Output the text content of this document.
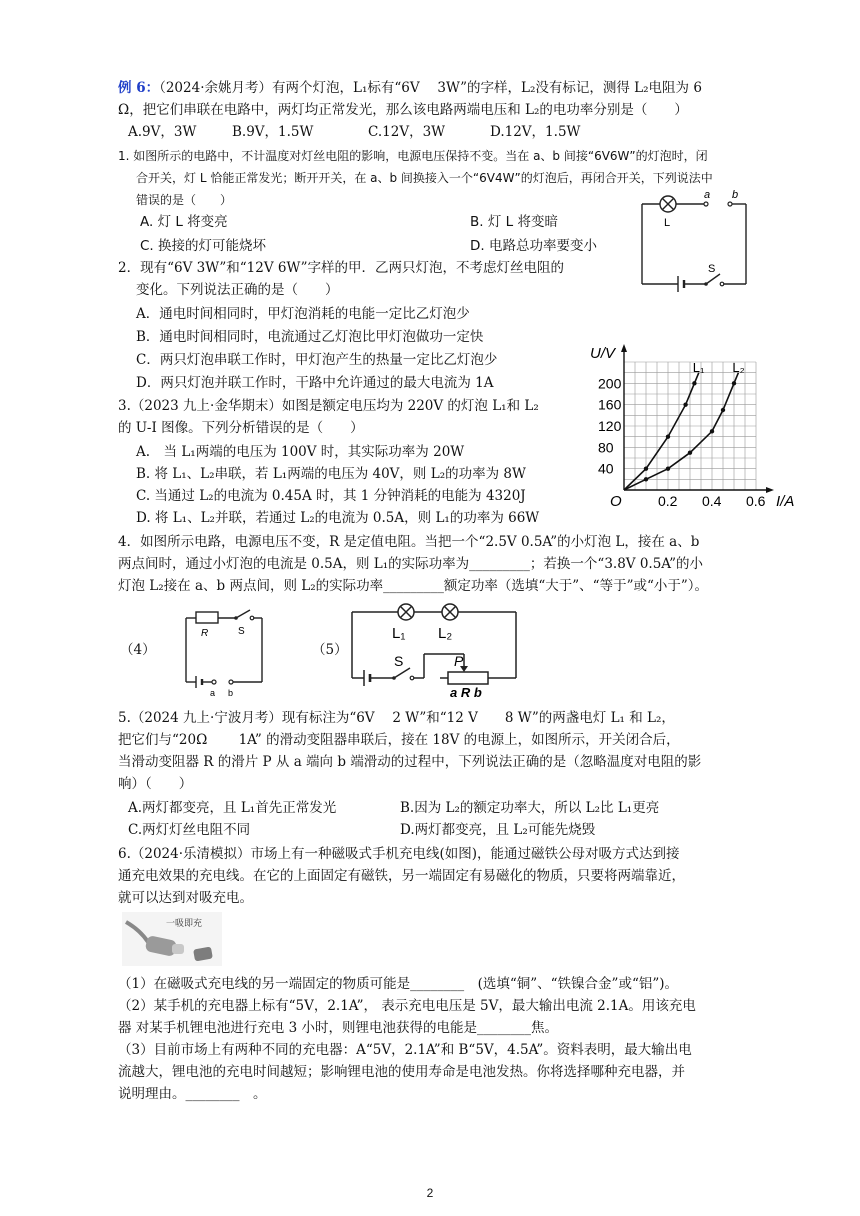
例 6：（2024·余姚月考）有两个灯泡，L₁标有“6V　 3W”的字样，L₂没有标记，测得 L₂电阻为 6
Ω，把它们串联在电路中，两灯均正常发光，那么该电路两端电压和 L₂的电功率分别是（　　）
A.9V，3W	B.9V，1.5W	C.12V，3W	D.12V，1.5W
1. 如图所示的电路中，不计温度对灯丝电阻的影响，电源电压保持不变。当在 a、b 间接“6V6W”的灯泡时，闭
合开关，灯 L 恰能正常发光；断开开关，在 a、b 间换接入一个“6V4W”的灯泡后，再闭合开关，下列说法中
错误的是（　　）
A. 灯 L 将变亮	B. 灯 L 将变暗
C. 换接的灯可能烧坏	D. 电路总功率要变小
a b
L
S
2．现有“6V 3W”和“12V 6W”字样的甲．乙两只灯泡，不考虑灯丝电阻的
变化。下列说法正确的是（　　）
A．通电时间相同时，甲灯泡消耗的电能一定比乙灯泡少
B．通电时间相同时，电流通过乙灯泡比甲灯泡做功一定快
C．两只灯泡串联工作时，甲灯泡产生的热量一定比乙灯泡少
D．两只灯泡并联工作时，干路中允许通过的最大电流为 1A
3.（2023 九上·金华期末）如图是额定电压均为 220V 的灯泡 L₁和 L₂
的 U-I 图像。下列分析错误的是（　　）
A.　当 L₁两端的电压为 100V 时，其实际功率为 20W
B. 将 L₁、L₂串联，若 L₁两端的电压为 40V，则 L₂的功率为 8W
C. 当通过 L₂的电流为 0.45A 时，其 1 分钟消耗的电能为 4320J
D. 将 L₁、L₂并联，若通过 L₂的电流为 0.5A，则 L₁的功率为 66W
0.2 0.4 0.6
40
80
120
160
200
O	I/A
U/V
L₁ L₂
4．如图所示电路，电源电压不变，R 是定值电阻。当把一个“2.5V 0.5A”的小灯泡 L，接在 a、b
两点间时，通过小灯泡的电流是 0.5A，则 L₁的实际功率为_________；若换一个“3.8V 0.5A”的小
灯泡 L₂接在 a、b 两点间，则 L₂的实际功率_________额定功率（选填“大于”、“等于”或“小于”）。
（4）
R	S
a b
（5）
L₁ L₂
S	P
a R b
5.（2024 九上·宁波月考）现有标注为“6V　 2 W”和“12 V　　8 W”的两盏电灯 L₁ 和 L₂，
把它们与“20Ω　　 1A” 的滑动变阻器串联后，接在 18V 的电源上，如图所示，开关闭合后，
当滑动变阻器 R 的滑片 P 从 a 端向 b 端滑动的过程中，下列说法正确的是（忽略温度对电阻的影
响）（　　）
A.两灯都变亮，且 L₁首先正常发光	B.因为 L₂的额定功率大，所以 L₂比 L₁更亮
C.两灯灯丝电阻不同	D.两灯都变亮，且 L₂可能先烧毁
6.（2024·乐清模拟）市场上有一种磁吸式手机充电线(如图)，能通过磁铁公母对吸方式达到接
通充电效果的充电线。在它的上面固定有磁铁，另一端固定有易磁化的物质，只要将两端靠近，
就可以达到对吸充电。
一吸即充
（1）在磁吸式充电线的另一端固定的物质可能是________　(选填“铜”、“铁镍合金”或“铝”)。
（2）某手机的充电器上标有“5V，2.1A”， 表示充电电压是 5V，最大输出电流 2.1A。用该充电
器 对某手机锂电池进行充电 3 小时，则锂电池获得的电能是________焦。
（3）目前市场上有两种不同的充电器：A“5V，2.1A”和 B“5V，4.5A”。资料表明，最大输出电
流越大，锂电池的充电时间越短；影响锂电池的使用寿命是电池发热。你将选择哪种充电器，并
说明理由。________　。
2
